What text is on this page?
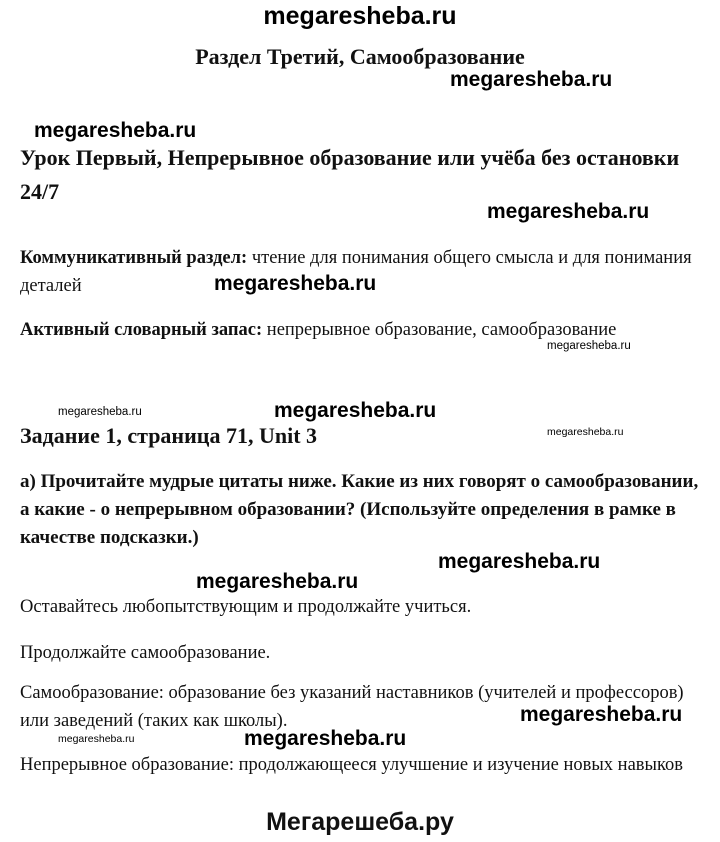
megaresheba.ru
Раздел Третий, Самообразование
Урок Первый, Непрерывное образование или учёба без остановки 24/7
Коммуникативный раздел: чтение для понимания общего смысла и для понимания деталей
Активный словарный запас: непрерывное образование, самообразование
Задание 1, страница 71, Unit 3
a) Прочитайте мудрые цитаты ниже. Какие из них говорят о самообразовании, а какие - о непрерывном образовании? (Используйте определения в рамке в качестве подсказки.)
Оставайтесь любопытствующим и продолжайте учиться.
Продолжайте самообразование.
Самообразование: образование без указаний наставников (учителей и профессоров) или заведений (таких как школы).
Непрерывное образование: продолжающееся улучшение и изучение новых навыков
Мегарешеба.ру
megaresheba.ru
megaresheba.ru
megaresheba.ru
megaresheba.ru
megaresheba.ru
megaresheba.ru	megaresheba.ru
megaresheba.ru
megaresheba.ru
megaresheba.ru
megaresheba.ru
megaresheba.ru	megaresheba.ru
